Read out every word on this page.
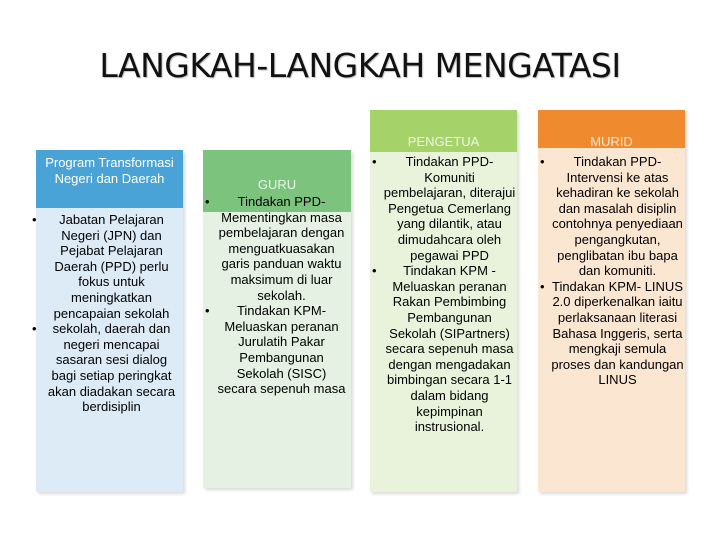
LANGKAH-LANGKAH MENGATASI
Program Transformasi Negeri dan Daerah
• Jabatan Pelajaran Negeri (JPN) dan Pejabat Pelajaran Daerah (PPD) perlu fokus untuk meningkatkan pencapaian sekolah
• sekolah, daerah dan negeri mencapai sasaran sesi dialog bagi setiap peringkat akan diadakan secara berdisiplin
GURU
• Tindakan PPD- Mementingkan masa pembelajaran dengan menguatkuasakan garis panduan waktu maksimum di luar sekolah.
• Tindakan KPM- Meluaskan peranan Jurulatih Pakar Pembangunan Sekolah (SISC) secara sepenuh masa
PENGETUA
• Tindakan PPD- Komuniti pembelajaran, diterajui Pengetua Cemerlang yang dilantik, atau dimudahcara oleh pegawai PPD
• Tindakan KPM - Meluaskan peranan Rakan Pembimbing Pembangunan Sekolah (SIPartners) secara sepenuh masa dengan mengadakan bimbingan secara 1-1 dalam bidang kepimpinan instrusional.
MURID
• Tindakan PPD- Intervensi ke atas kehadiran ke sekolah dan masalah disiplin contohnya penyediaan pengangkutan, penglibatan ibu bapa dan komuniti.
• Tindakan KPM- LINUS 2.0 diperkenalkan iaitu perlaksanaan literasi Bahasa Inggeris, serta mengkaji semula proses dan kandungan LINUS
